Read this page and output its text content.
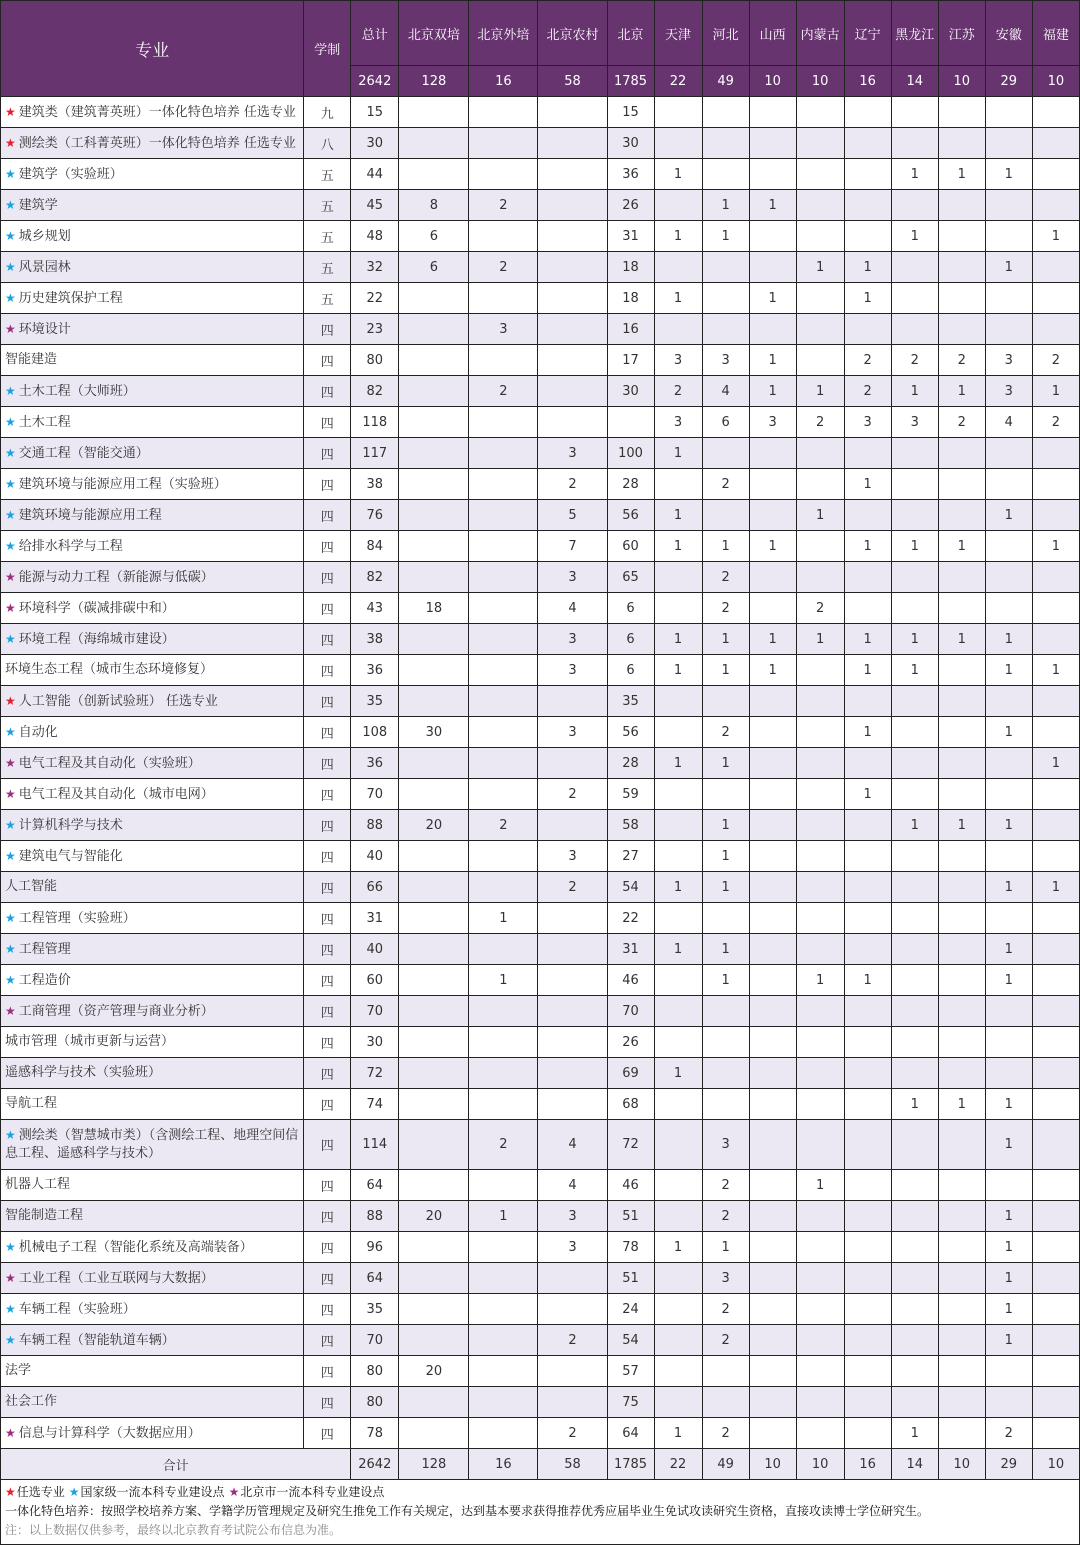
专业	学制	总计	北京双培	北京外培	北京农村	北京	天津	河北	山西	内蒙古	辽宁	黑龙江	江苏	安徽	福建
		2642	128	16	58	1785	22	49	10	10	16	14	10	29	10
★ 建筑类（建筑菁英班）一体化特色培养 任选专业	九	15				15									
★ 测绘类（工科菁英班）一体化特色培养 任选专业	八	30				30									
★ 建筑学（实验班）	五	44				36	1					1	1	1	
★ 建筑学	五	45	8	2		26		1	1						
★ 城乡规划	五	48	6			31	1	1				1			1
★ 风景园林	五	32	6	2		18				1	1			1	
★ 历史建筑保护工程	五	22				18	1		1		1				
★ 环境设计	四	23		3		16									
智能建造	四	80				17	3	3	1		2	2	2	3	2
★ 土木工程（大师班）	四	82		2		30	2	4	1	1	2	1	1	3	1
★ 土木工程	四	118					3	6	3	2	3	3	2	4	2
★ 交通工程（智能交通）	四	117			3	100	1								
★ 建筑环境与能源应用工程（实验班）	四	38			2	28		2			1				
★ 建筑环境与能源应用工程	四	76			5	56	1			1				1	
★ 给排水科学与工程	四	84			7	60	1	1	1		1	1	1		1
★ 能源与动力工程（新能源与低碳）	四	82			3	65		2							
★ 环境科学（碳减排碳中和）	四	43	18		4	6		2		2					
★ 环境工程（海绵城市建设）	四	38			3	6	1	1	1	1	1	1	1	1	
环境生态工程（城市生态环境修复）	四	36			3	6	1	1	1		1	1		1	1
★ 人工智能（创新试验班） 任选专业	四	35				35									
★ 自动化	四	108	30		3	56		2			1			1	
★ 电气工程及其自动化（实验班）	四	36				28	1	1							1
★ 电气工程及其自动化（城市电网）	四	70			2	59					1				
★ 计算机科学与技术	四	88	20	2		58		1				1	1	1	
★ 建筑电气与智能化	四	40			3	27		1							
人工智能	四	66			2	54	1	1						1	1
★ 工程管理（实验班）	四	31		1		22									
★ 工程管理	四	40				31	1	1						1	
★ 工程造价	四	60		1		46		1		1	1			1	
★ 工商管理（资产管理与商业分析）	四	70				70									
城市管理（城市更新与运营）	四	30				26									
遥感科学与技术（实验班）	四	72				69	1								
导航工程	四	74				68						1	1	1	
★ 测绘类（智慧城市类）（含测绘工程、地理空间信息工程、遥感科学与技术）	四	114		2	4	72		3						1	
机器人工程	四	64			4	46		2		1					
智能制造工程	四	88	20	1	3	51		2						1	
★ 机械电子工程（智能化系统及高端装备）	四	96			3	78	1	1						1	
★ 工业工程（工业互联网与大数据）	四	64				51		3						1	
★ 车辆工程（实验班）	四	35				24		2						1	
★ 车辆工程（智能轨道车辆）	四	70			2	54		2						1	
法学	四	80	20			57									
社会工作	四	80				75									
★ 信息与计算科学（大数据应用）	四	78			2	64	1	2				1		2	
合计		2642	128	16	58	1785	22	49	10	10	16	14	10	29	10
★任选专业 ★国家级一流本科专业建设点 ★北京市一流本科专业建设点
一体化特色培养：按照学校培养方案、学籍学历管理规定及研究生推免工作有关规定，达到基本要求获得推荐优秀应届毕业生免试攻读研究生资格，直接攻读博士学位研究生。
注：以上数据仅供参考，最终以北京教育考试院公布信息为准。
